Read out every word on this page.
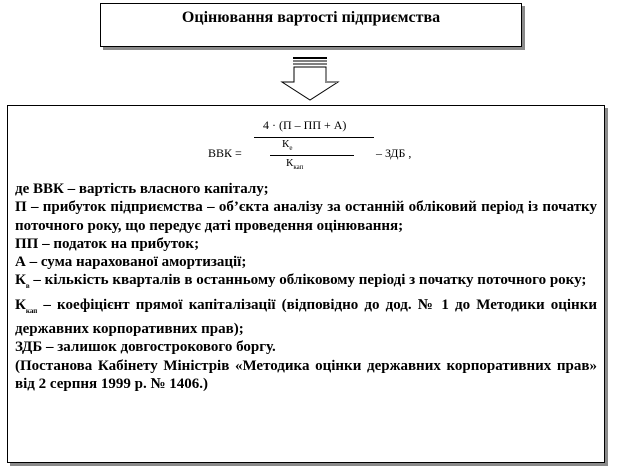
Оцінювання вартості підприємства
4 · (П – ПП + А)
$К_е$
$К_{кап}$
ВВК =	– ЗДБ ,

де ВВК – вартість власного капіталу;

П – прибуток підприємства – об’єкта аналізу за останній обліковий період із початку поточного року, що передує даті проведення оцінювання;

ПП – податок на прибуток;

А – сума нарахованої амортизації;

$К_в$ – кількість кварталів в останньому обліковому періоді з початку поточного року;

$К_{кап}$ – коефіцієнт прямої капіталізації (відповідно до дод. № 1 до Методики оцінки державних корпоративних прав);

ЗДБ – залишок довгострокового боргу.

(Постанова Кабінету Міністрів «Методика оцінки державних корпоративних прав» від 2 серпня 1999 р. № 1406.)
